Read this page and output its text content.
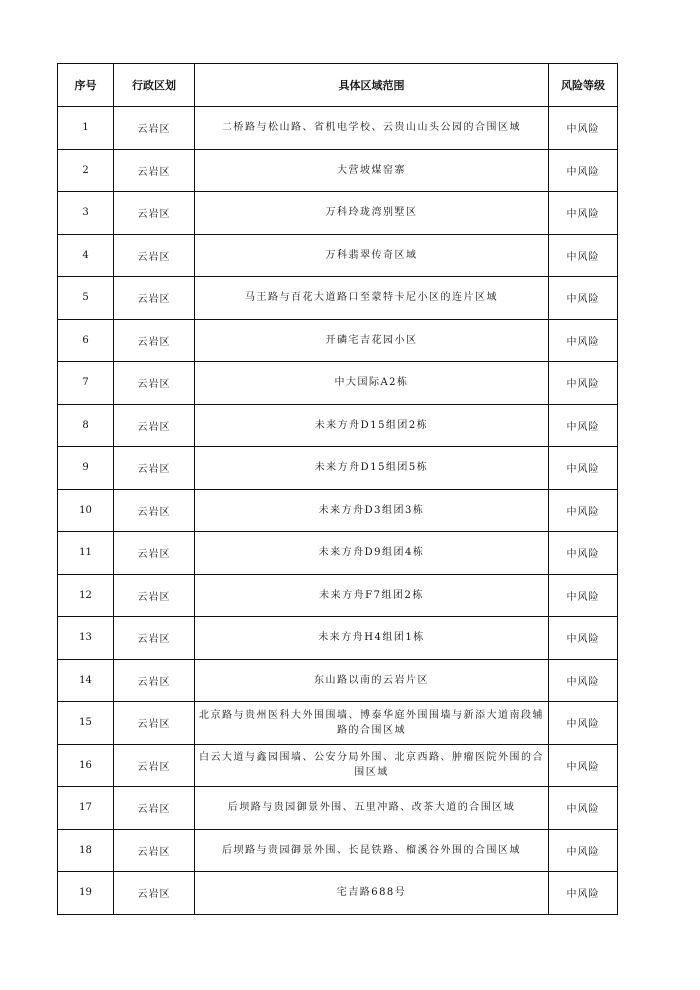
序号	行政区划	具体区域范围	风险等级
1	云岩区	二桥路与松山路、省机电学校、云贵山山头公园的合围区域	中风险
2	云岩区	大营坡煤窑寨	中风险
3	云岩区	万科玲珑湾别墅区	中风险
4	云岩区	万科翡翠传奇区域	中风险
5	云岩区	马王路与百花大道路口至蒙特卡尼小区的连片区域	中风险
6	云岩区	开磷宅吉花园小区	中风险
7	云岩区	中大国际A2栋	中风险
8	云岩区	未来方舟D15组团2栋	中风险
9	云岩区	未来方舟D15组团5栋	中风险
10	云岩区	未来方舟D3组团3栋	中风险
11	云岩区	未来方舟D9组团4栋	中风险
12	云岩区	未来方舟F7组团2栋	中风险
13	云岩区	未来方舟H4组团1栋	中风险
14	云岩区	东山路以南的云岩片区	中风险
15	云岩区	北京路与贵州医科大外围围墙、博泰华庭外围围墙与新添大道南段辅路的合围区域	中风险
16	云岩区	白云大道与鑫园围墙、公安分局外围、北京西路、肿瘤医院外围的合围区域	中风险
17	云岩区	后坝路与贵园御景外围、五里冲路、改茶大道的合围区域	中风险
18	云岩区	后坝路与贵园御景外围、长昆铁路、榴溪谷外围的合围区域	中风险
19	云岩区	宅吉路688号	中风险
